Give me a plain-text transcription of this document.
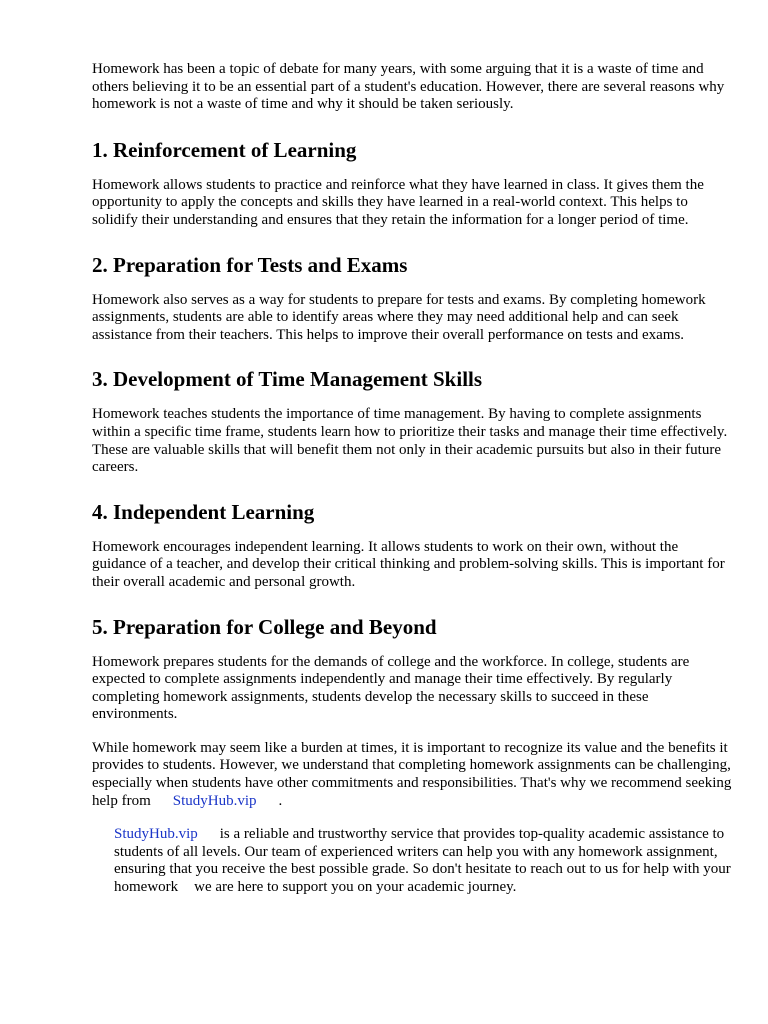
Homework has been a topic of debate for many years, with some arguing that it is a waste of time and others believing it to be an essential part of a student's education. However, there are several reasons why homework is not a waste of time and why it should be taken seriously.

1. Reinforcement of Learning

Homework allows students to practice and reinforce what they have learned in class. It gives them the opportunity to apply the concepts and skills they have learned in a real-world context. This helps to solidify their understanding and ensures that they retain the information for a longer period of time.

2. Preparation for Tests and Exams

Homework also serves as a way for students to prepare for tests and exams. By completing homework assignments, students are able to identify areas where they may need additional help and can seek assistance from their teachers. This helps to improve their overall performance on tests and exams.

3. Development of Time Management Skills

Homework teaches students the importance of time management. By having to complete assignments within a specific time frame, students learn how to prioritize their tasks and manage their time effectively. These are valuable skills that will benefit them not only in their academic pursuits but also in their future careers.

4. Independent Learning

Homework encourages independent learning. It allows students to work on their own, without the guidance of a teacher, and develop their critical thinking and problem-solving skills. This is important for their overall academic and personal growth.

5. Preparation for College and Beyond

Homework prepares students for the demands of college and the workforce. In college, students are expected to complete assignments independently and manage their time effectively. By regularly completing homework assignments, students develop the necessary skills to succeed in these environments.

While homework may seem like a burden at times, it is important to recognize its value and the benefits it provides to students. However, we understand that completing homework assignments can be challenging, especially when students have other commitments and responsibilities. That's why we recommend seeking help from StudyHub.vip .

StudyHub.vip is a reliable and trustworthy service that provides top-quality academic assistance to students of all levels. Our team of experienced writers can help you with any homework assignment, ensuring that you receive the best possible grade. So don't hesitate to reach out to us for help with your homework we are here to support you on your academic journey.
